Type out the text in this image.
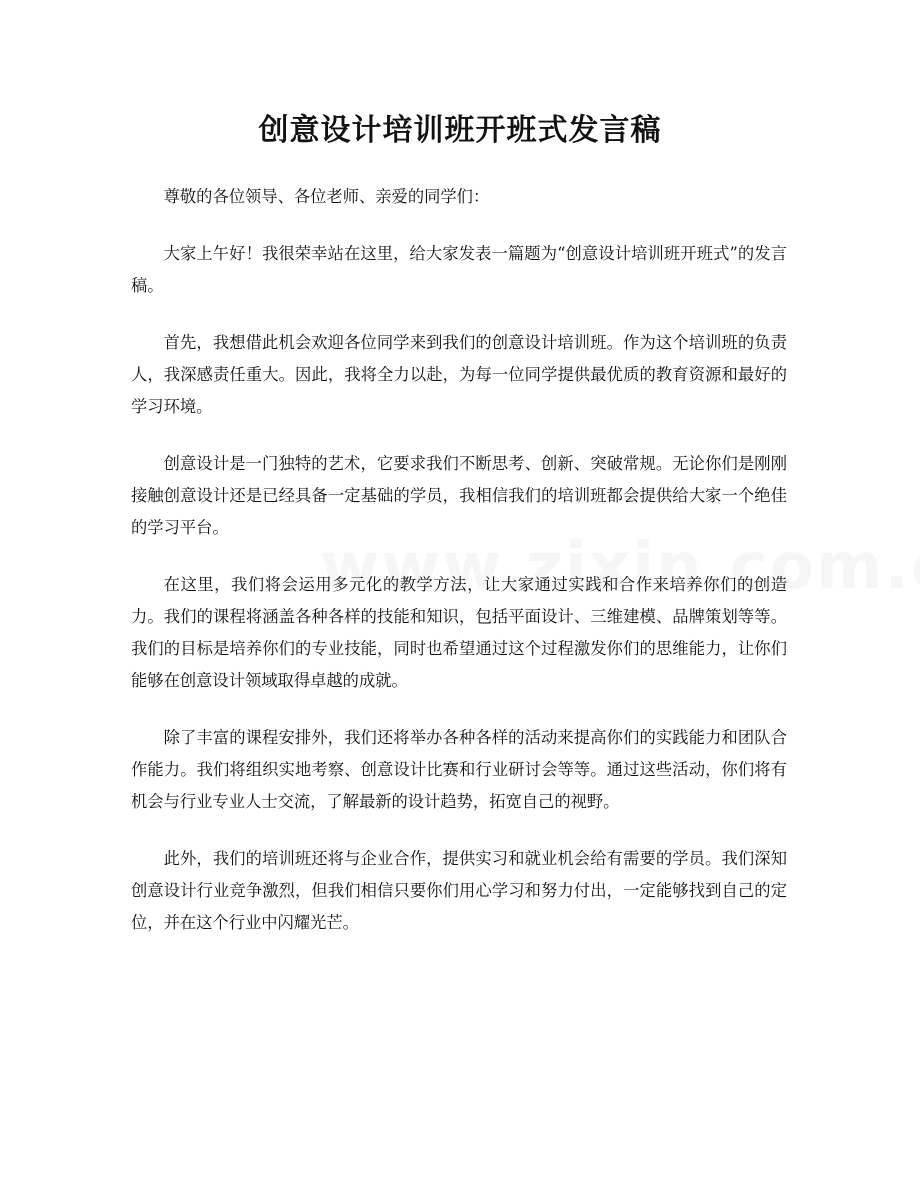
创意设计培训班开班式发言稿

尊敬的各位领导、各位老师、亲爱的同学们：

大家上午好！我很荣幸站在这里，给大家发表一篇题为“创意设计培训班开班式”的发言稿。

首先，我想借此机会欢迎各位同学来到我们的创意设计培训班。作为这个培训班的负责人，我深感责任重大。因此，我将全力以赴，为每一位同学提供最优质的教育资源和最好的学习环境。

创意设计是一门独特的艺术，它要求我们不断思考、创新、突破常规。无论你们是刚刚接触创意设计还是已经具备一定基础的学员，我相信我们的培训班都会提供给大家一个绝佳的学习平台。

在这里，我们将会运用多元化的教学方法，让大家通过实践和合作来培养你们的创造力。我们的课程将涵盖各种各样的技能和知识，包括平面设计、三维建模、品牌策划等等。我们的目标是培养你们的专业技能，同时也希望通过这个过程激发你们的思维能力，让你们能够在创意设计领域取得卓越的成就。

除了丰富的课程安排外，我们还将举办各种各样的活动来提高你们的实践能力和团队合作能力。我们将组织实地考察、创意设计比赛和行业研讨会等等。通过这些活动，你们将有机会与行业专业人士交流，了解最新的设计趋势，拓宽自己的视野。

此外，我们的培训班还将与企业合作，提供实习和就业机会给有需要的学员。我们深知创意设计行业竞争激烈，但我们相信只要你们用心学习和努力付出，一定能够找到自己的定位，并在这个行业中闪耀光芒。
